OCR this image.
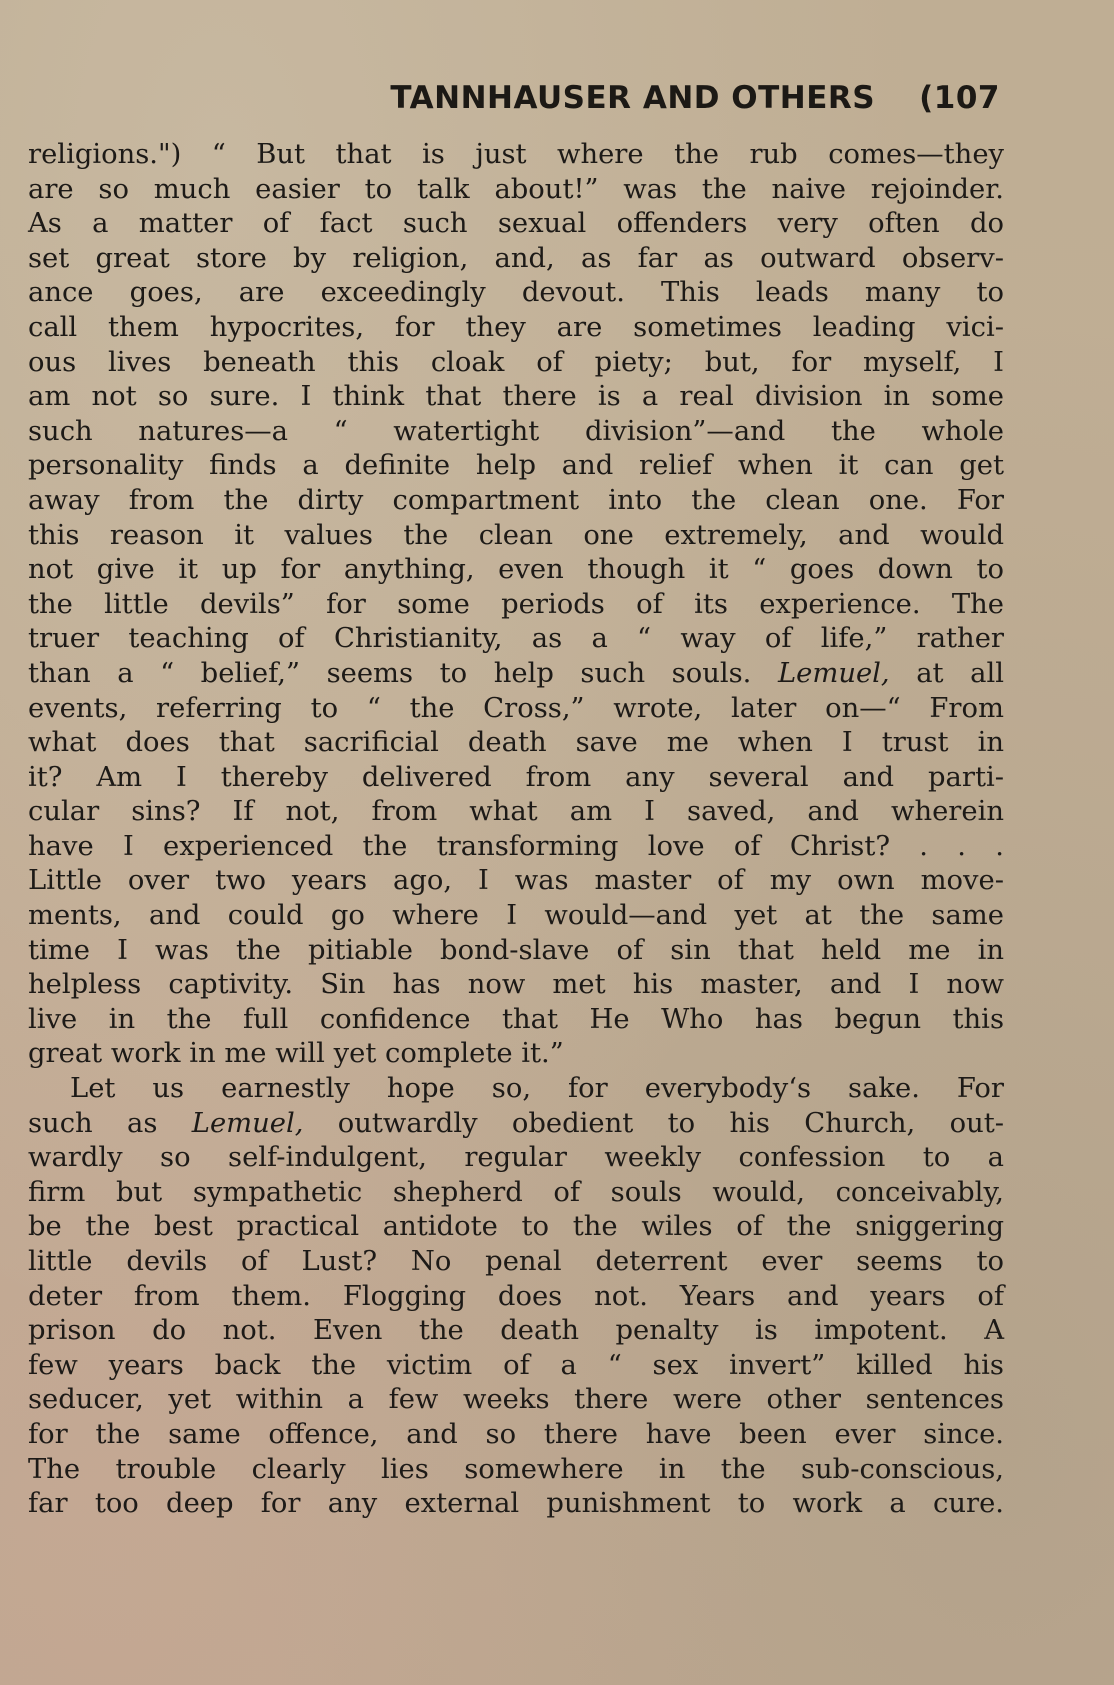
TANNHAUSER AND OTHERS (107
religions.") “ But that is just where the rub comes—they
are so much easier to talk about!” was the naive rejoinder.
As a matter of fact such sexual offenders very often do
set great store by religion, and, as far as outward observ-
ance goes, are exceedingly devout. This leads many to
call them hypocrites, for they are sometimes leading vici-
ous lives beneath this cloak of piety; but, for myself, I
am not so sure. I think that there is a real division in some
such natures—a “ watertight division”—and the whole
personality finds a definite help and relief when it can get
away from the dirty compartment into the clean one. For
this reason it values the clean one extremely, and would
not give it up for anything, even though it “ goes down to
the little devils” for some periods of its experience. The
truer teaching of Christianity, as a “ way of life,” rather
than a “ belief,” seems to help such souls. Lemuel, at all
events, referring to “ the Cross,” wrote, later on—“ From
what does that sacrificial death save me when I trust in
it? Am I thereby delivered from any several and parti-
cular sins? If not, from what am I saved, and wherein
have I experienced the transforming love of Christ? . . .
Little over two years ago, I was master of my own move-
ments, and could go where I would—and yet at the same
time I was the pitiable bond-slave of sin that held me in
helpless captivity. Sin has now met his master, and I now
live in the full confidence that He Who has begun this
great work in me will yet complete it.”
Let us earnestly hope so, for everybody‘s sake. For
such as Lemuel, outwardly obedient to his Church, out-
wardly so self-indulgent, regular weekly confession to a
firm but sympathetic shepherd of souls would, conceivably,
be the best practical antidote to the wiles of the sniggering
little devils of Lust? No penal deterrent ever seems to
deter from them. Flogging does not. Years and years of
prison do not. Even the death penalty is impotent. A
few years back the victim of a “ sex invert” killed his
seducer, yet within a few weeks there were other sentences
for the same offence, and so there have been ever since.
The trouble clearly lies somewhere in the sub-conscious,
far too deep for any external punishment to work a cure.
